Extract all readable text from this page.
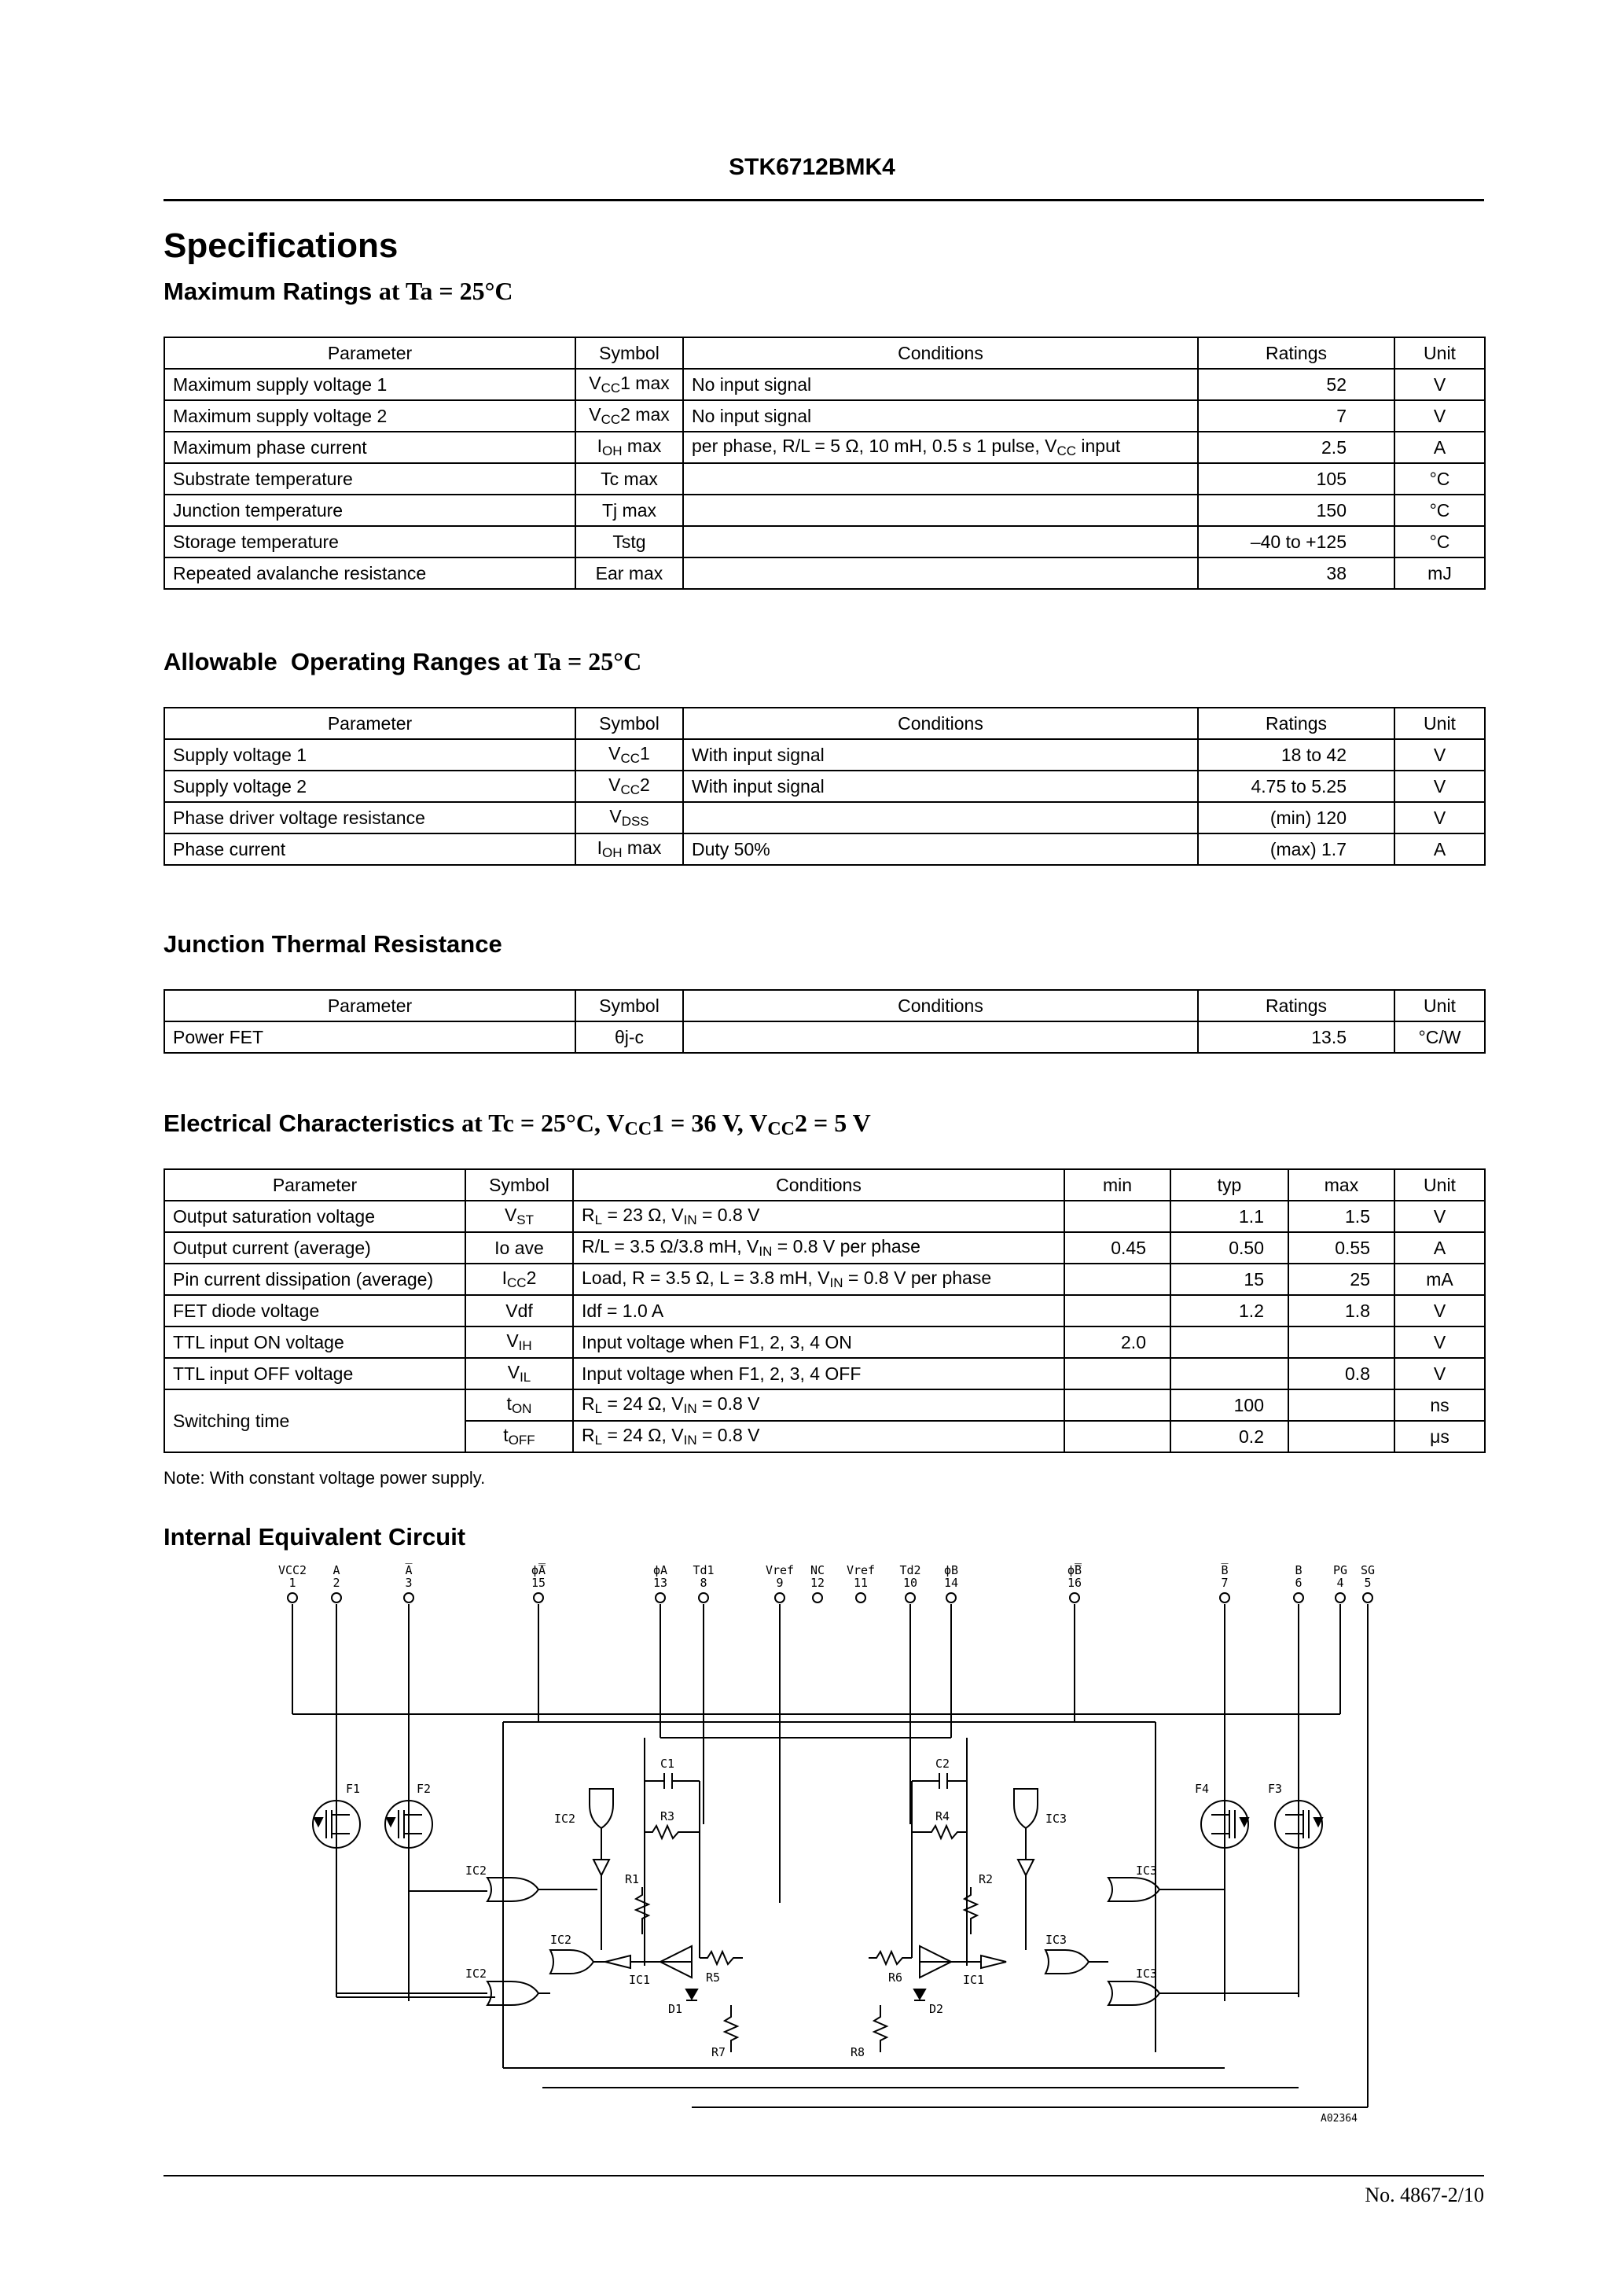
STK6712BMK4
Specifications
Maximum Ratings at Ta = 25°C
Parameter	Symbol	Conditions	Ratings	Unit
Maximum supply voltage 1	$V_{CC}1$ max	No input signal	52	V
Maximum supply voltage 2	$V_{CC}2$ max	No input signal	7	V
Maximum phase current	$I_{OH}$ max	per phase, R/L = 5 Ω, 10 mH, 0.5 s 1 pulse, $V_{CC}$ input	2.5	A
Substrate temperature	Tc max		105	°C
Junction temperature	Tj max		150	°C
Storage temperature	Tstg		–40 to +125	°C
Repeated avalanche resistance	Ear max		38	mJ
Allowable  Operating Ranges at Ta = 25°C
Parameter	Symbol	Conditions	Ratings	Unit
Supply voltage 1	$V_{CC}1$	With input signal	18 to 42	V
Supply voltage 2	$V_{CC}2$	With input signal	4.75 to 5.25	V
Phase driver voltage resistance	$V_{DSS}$		(min) 120	V
Phase current	$I_{OH}$ max	Duty 50%	(max) 1.7	A
Junction Thermal Resistance
Parameter	Symbol	Conditions	Ratings	Unit
Power FET	θj-c		13.5	°C/W
Electrical Characteristics at Tc = 25°C, $V_{CC}1 = 36$ V, $V_{CC}2 = 5$ V
Parameter	Symbol	Conditions	min	typ	max	Unit
Output saturation voltage	$V_{ST}$	$R_L = 23$ Ω, $V_{IN} = 0.8$ V		1.1	1.5	V
Output current (average)	Io ave	R/L = 3.5 Ω/3.8 mH, $V_{IN} = 0.8$ V per phase	0.45	0.50	0.55	A
Pin current dissipation (average)	$I_{CC}2$	Load, R = 3.5 Ω, L = 3.8 mH, $V_{IN} = 0.8$ V per phase		15	25	mA
FET diode voltage	Vdf	Idf = 1.0 A		1.2	1.8	V
TTL input ON voltage	$V_{IH}$	Input voltage when F1, 2, 3, 4 ON	2.0			V
TTL input OFF voltage	$V_{IL}$	Input voltage when F1, 2, 3, 4 OFF			0.8	V
Switching time	$t_{ON}$	$R_L = 24$ Ω, $V_{IN} = 0.8$ V		100		ns
	$t_{OFF}$	$R_L = 24$ Ω, $V_{IN} = 0.8$ V		0.2		μs
Note: With constant voltage power supply.
Internal Equivalent Circuit
VCC2
1
A
2
A̅
3
ϕ̅A̅
15
ϕA
13
Td1
8
Vref
9
NC
12
Vref
11
Td2
10
ϕB
14
ϕ̅B̅
16
B̅
7
B
6
PG
4
SG
5
F1	F2	F4	F3
IC2
IC2
IC2
IC2
IC3
IC3
IC3
IC3
IC1	IC1
C1	C2
R3	R4
R1	R2
R5	R6
D1	D2
R7	R8
A02364
No. 4867-2/10
